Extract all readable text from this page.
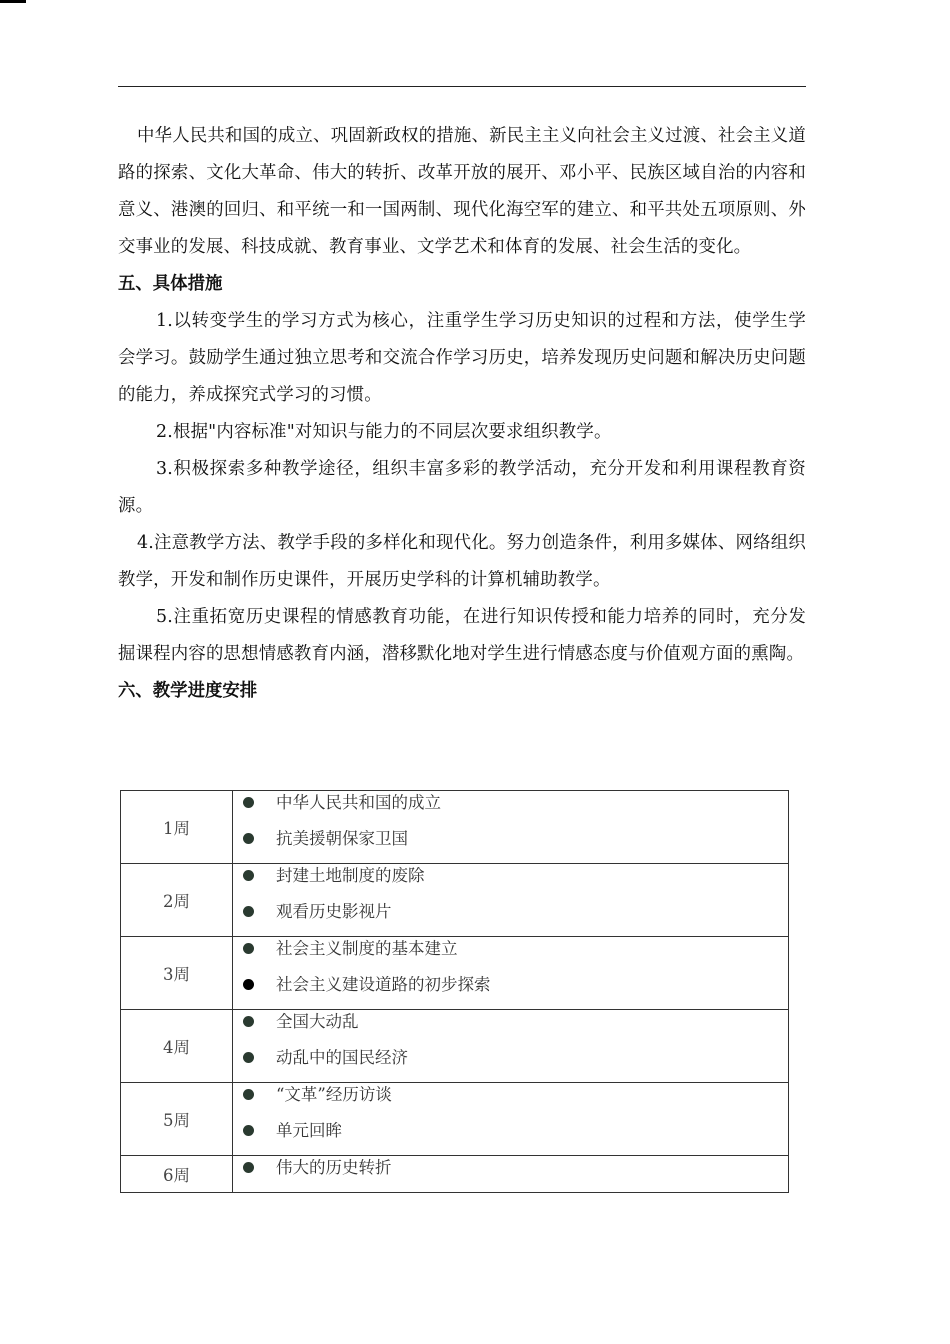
中华人民共和国的成立、巩固新政权的措施、新民主主义向社会主义过渡、社会主义道路的探索、文化大革命、伟大的转折、改革开放的展开、邓小平、民族区域自治的内容和意义、港澳的回归、和平统一和一国两制、现代化海空军的建立、和平共处五项原则、外交事业的发展、科技成就、教育事业、文学艺术和体育的发展、社会生活的变化。

五、具体措施

1.以转变学生的学习方式为核心，注重学生学习历史知识的过程和方法，使学生学会学习。鼓励学生通过独立思考和交流合作学习历史，培养发现历史问题和解决历史问题的能力，养成探究式学习的习惯。

2.根据"内容标准"对知识与能力的不同层次要求组织教学。

3.积极探索多种教学途径，组织丰富多彩的教学活动，充分开发和利用课程教育资源。

4.注意教学方法、教学手段的多样化和现代化。努力创造条件，利用多媒体、网络组织教学，开发和制作历史课件，开展历史学科的计算机辅助教学。

5.注重拓宽历史课程的情感教育功能，在进行知识传授和能力培养的同时，充分发掘课程内容的思想情感教育内涵，潜移默化地对学生进行情感态度与价值观方面的熏陶。

六、教学进度安排
1周	中华人民共和国的成立
抗美援朝保家卫国

2周	封建土地制度的废除
观看历史影视片

3周	社会主义制度的基本建立
社会主义建设道路的初步探索

4周	全国大动乱
动乱中的国民经济

5周	“文革”经历访谈
单元回眸

6周	伟大的历史转折
